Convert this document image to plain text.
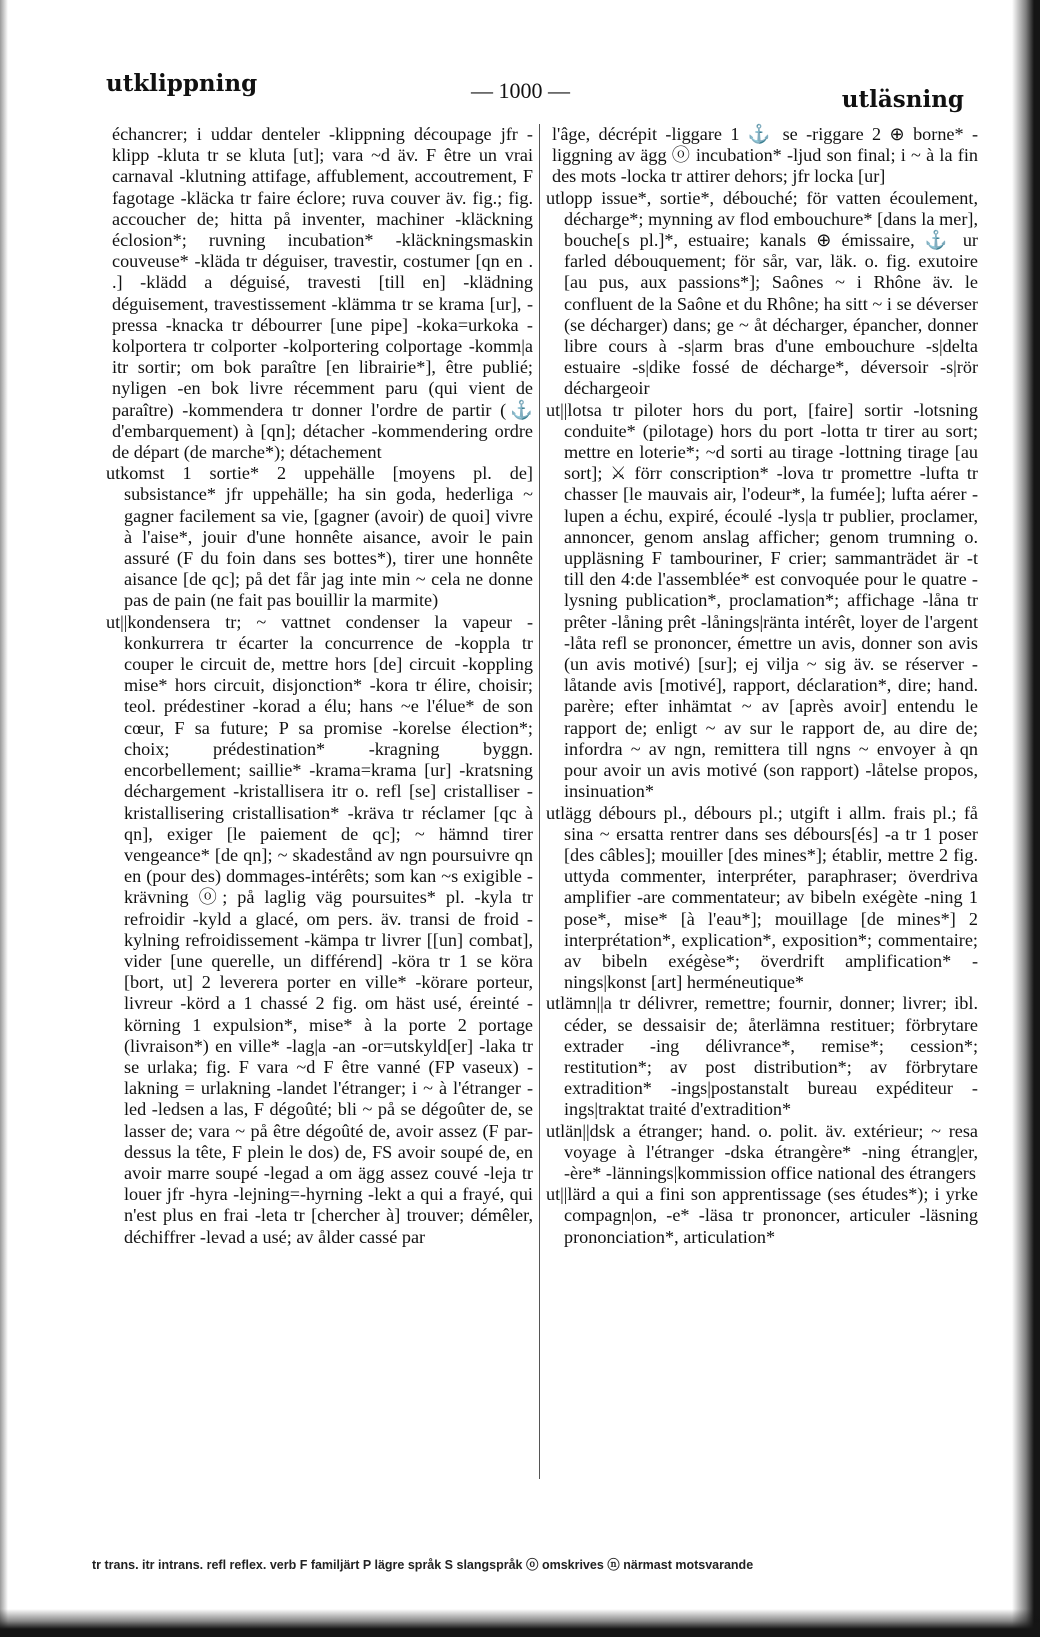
utklippning	— 1000 —	utläsning

échancrer; i uddar denteler -klippning découpage jfr -klipp -kluta tr se kluta [ut]; vara ~d äv. F être un vrai carnaval -klutning attifage, affublement, accoutrement, F fagotage -kläcka tr faire éclore; ruva couver äv. fig.; fig. accoucher de; hitta på inventer, machiner -kläckning éclosion*; ruvning incubation* -kläckningsmaskin couveuse* -kläda tr déguiser, travestir, costumer [qn en . .] -klädd a déguisé, travesti [till en] -klädning déguisement, travestissement -klämma tr se krama [ur], -pressa -knacka tr débourrer [une pipe] -koka=urkoka -kolportera tr colporter -kolportering colportage -komm|a itr sortir; om bok paraître [en librairie*], être publié; nyligen -en bok livre récemment paru (qui vient de paraître) -kommendera tr donner l'ordre de partir (⚓ d'embarquement) à [qn]; détacher -kommendering ordre de départ (de marche*); détachement

utkomst 1 sortie* 2 uppehälle [moyens pl. de] subsistance* jfr uppehälle; ha sin goda, hederliga ~ gagner facilement sa vie, [gagner (avoir) de quoi] vivre à l'aise*, jouir d'une honnête aisance, avoir le pain assuré (F du foin dans ses bottes*), tirer une honnête aisance [de qc]; på det får jag inte min ~ cela ne donne pas de pain (ne fait pas bouillir la marmite)

ut||kondensera tr; ~ vattnet condenser la vapeur -konkurrera tr écarter la concurrence de -koppla tr couper le circuit de, mettre hors [de] circuit -koppling mise* hors circuit, disjonction* -kora tr élire, choisir; teol. prédestiner -korad a élu; hans ~e l'élue* de son cœur, F sa future; P sa promise -korelse élection*; choix; prédestination* -kragning byggn. encorbellement; saillie* -krama=krama [ur] -kratsning déchargement -kristallisera itr o. refl [se] cristalliser -kristallisering cristallisation* -kräva tr réclamer [qc à qn], exiger [le paiement de qc]; ~ hämnd tirer vengeance* [de qn]; ~ skadestånd av ngn poursuivre qn en (pour des) dommages-intérêts; som kan ~s exigible -krävning ⓞ; på laglig väg poursuites* pl. -kyla tr refroidir -kyld a glacé, om pers. äv. transi de froid -kylning refroidissement -kämpa tr livrer [[un] combat], vider [une querelle, un différend] -köra tr 1 se köra [bort, ut] 2 leverera porter en ville* -körare porteur, livreur -körd a 1 chassé 2 fig. om häst usé, éreinté -körning 1 expulsion*, mise* à la porte 2 portage (livraison*) en ville* -lag|a -an -or=utskyld[er] -laka tr se urlaka; fig. F vara ~d F être vanné (FP vaseux) -lakning = urlakning -landet l'étranger; i ~ à l'étranger -led -ledsen a las, F dégoûté; bli ~ på se dégoûter de, se lasser de; vara ~ på être dégoûté de, avoir assez (F par-dessus la tête, F plein le dos) de, FS avoir soupé de, en avoir marre soupé -legad a om ägg assez couvé -leja tr louer jfr -hyra -lejning=-hyrning -lekt a qui a frayé, qui n'est plus en frai -leta tr [chercher à] trouver; démêler, déchiffrer -levad a usé; av ålder cassé par

l'âge, décrépit -liggare 1 ⚓ se -riggare 2 ⊕ borne* -liggning av ägg ⓞ incubation* -ljud son final; i ~ à la fin des mots -locka tr attirer dehors; jfr locka [ur]

utlopp issue*, sortie*, débouché; för vatten écoulement, décharge*; mynning av flod embouchure* [dans la mer], bouche[s pl.]*, estuaire; kanals ⊕ émissaire, ⚓ ur farled débouquement; för sår, var, läk. o. fig. exutoire [au pus, aux passions*]; Saônes ~ i Rhône äv. le confluent de la Saône et du Rhône; ha sitt ~ i se déverser (se décharger) dans; ge ~ åt décharger, épancher, donner libre cours à -s|arm bras d'une embouchure -s|delta estuaire -s|dike fossé de décharge*, déversoir -s|rör déchargeoir

ut||lotsa tr piloter hors du port, [faire] sortir -lotsning conduite* (pilotage) hors du port -lotta tr tirer au sort; mettre en loterie*; ~d sorti au tirage -lottning tirage [au sort]; ⚔ förr conscription* -lova tr promettre -lufta tr chasser [le mauvais air, l'odeur*, la fumée]; lufta aérer -lupen a échu, expiré, écoulé -lys|a tr publier, proclamer, annoncer, genom anslag afficher; genom trumning o. uppläsning F tambouriner, F crier; sammanträdet är -t till den 4:de l'assemblée* est convoquée pour le quatre -lysning publication*, proclamation*; affichage -låna tr prêter -låning prêt -lånings|ränta intérêt, loyer de l'argent -låta refl se prononcer, émettre un avis, donner son avis (un avis motivé) [sur]; ej vilja ~ sig äv. se réserver -låtande avis [motivé], rapport, déclaration*, dire; hand. parère; efter inhämtat ~ av [après avoir] entendu le rapport de; enligt ~ av sur le rapport de, au dire de; infordra ~ av ngn, remittera till ngns ~ envoyer à qn pour avoir un avis motivé (son rapport) -låtelse propos, insinuation*

utlägg débours pl., débours pl.; utgift i allm. frais pl.; få sina ~ ersatta rentrer dans ses débours[és] -a tr 1 poser [des câbles]; mouiller [des mines*]; établir, mettre 2 fig. uttyda commenter, interpréter, paraphraser; överdriva amplifier -are commentateur; av bibeln exégète -ning 1 pose*, mise* [à l'eau*]; mouillage [de mines*] 2 interprétation*, explication*, exposition*; commentaire; av bibeln exégèse*; överdrift amplification* -nings|konst [art] herméneutique*

utlämn||a tr délivrer, remettre; fournir, donner; livrer; ibl. céder, se dessaisir de; återlämna restituer; förbrytare extrader -ing délivrance*, remise*; cession*; restitution*; av post distribution*; av förbrytare extradition* -ings|postanstalt bureau expéditeur -ings|traktat traité d'extradition*

utlän||dsk a étranger; hand. o. polit. äv. extérieur; ~ resa voyage à l'étranger -dska étrangère* -ning étrang|er, -ère* -lännings|kommission office national des étrangers

ut||lärd a qui a fini son apprentissage (ses études*); i yrke compagn|on, -e* -läsa tr prononcer, articuler -läsning prononciation*, articulation*

tr trans. itr intrans. refl reflex. verb F familjärt P lägre språk S slangspråk ⓞ omskrives ⓝ närmast motsvarande
